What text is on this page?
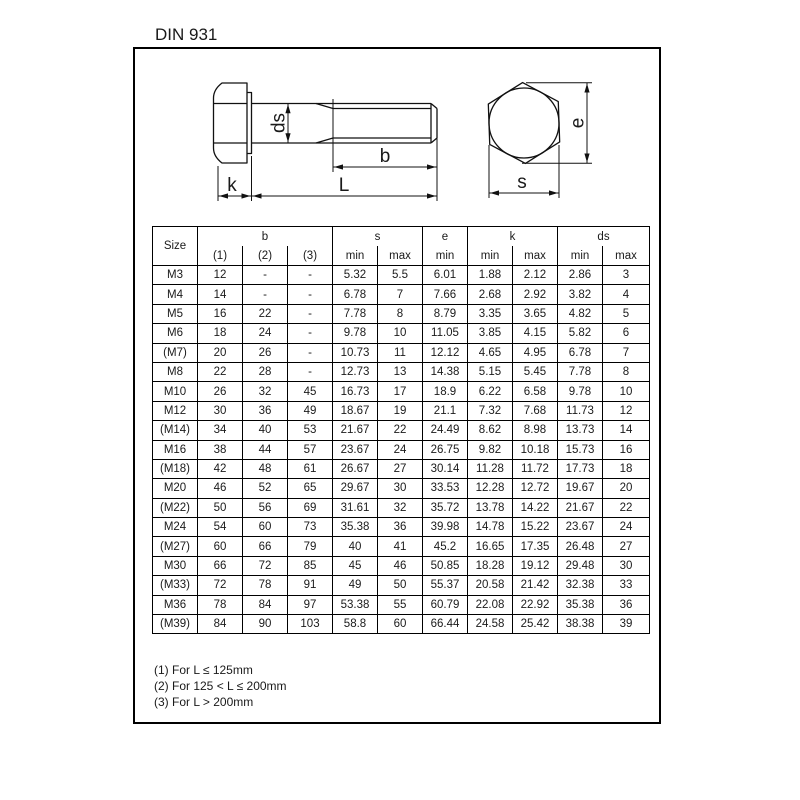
DIN 931
ds
b
L
k
e
s
Size	b			s		e	k		ds	
	(1)	(2)	(3)	min	max	min	min	max	min	max
M3	12	-	-	5.32	5.5	6.01	1.88	2.12	2.86	3
M4	14	-	-	6.78	7	7.66	2.68	2.92	3.82	4
M5	16	22	-	7.78	8	8.79	3.35	3.65	4.82	5
M6	18	24	-	9.78	10	11.05	3.85	4.15	5.82	6
(M7)	20	26	-	10.73	11	12.12	4.65	4.95	6.78	7
M8	22	28	-	12.73	13	14.38	5.15	5.45	7.78	8
M10	26	32	45	16.73	17	18.9	6.22	6.58	9.78	10
M12	30	36	49	18.67	19	21.1	7.32	7.68	11.73	12
(M14)	34	40	53	21.67	22	24.49	8.62	8.98	13.73	14
M16	38	44	57	23.67	24	26.75	9.82	10.18	15.73	16
(M18)	42	48	61	26.67	27	30.14	11.28	11.72	17.73	18
M20	46	52	65	29.67	30	33.53	12.28	12.72	19.67	20
(M22)	50	56	69	31.61	32	35.72	13.78	14.22	21.67	22
M24	54	60	73	35.38	36	39.98	14.78	15.22	23.67	24
(M27)	60	66	79	40	41	45.2	16.65	17.35	26.48	27
M30	66	72	85	45	46	50.85	18.28	19.12	29.48	30
(M33)	72	78	91	49	50	55.37	20.58	21.42	32.38	33
M36	78	84	97	53.38	55	60.79	22.08	22.92	35.38	36
(M39)	84	90	103	58.8	60	66.44	24.58	25.42	38.38	39
(1) For L ≤ 125mm
(2) For 125 < L ≤ 200mm
(3) For L > 200mm
